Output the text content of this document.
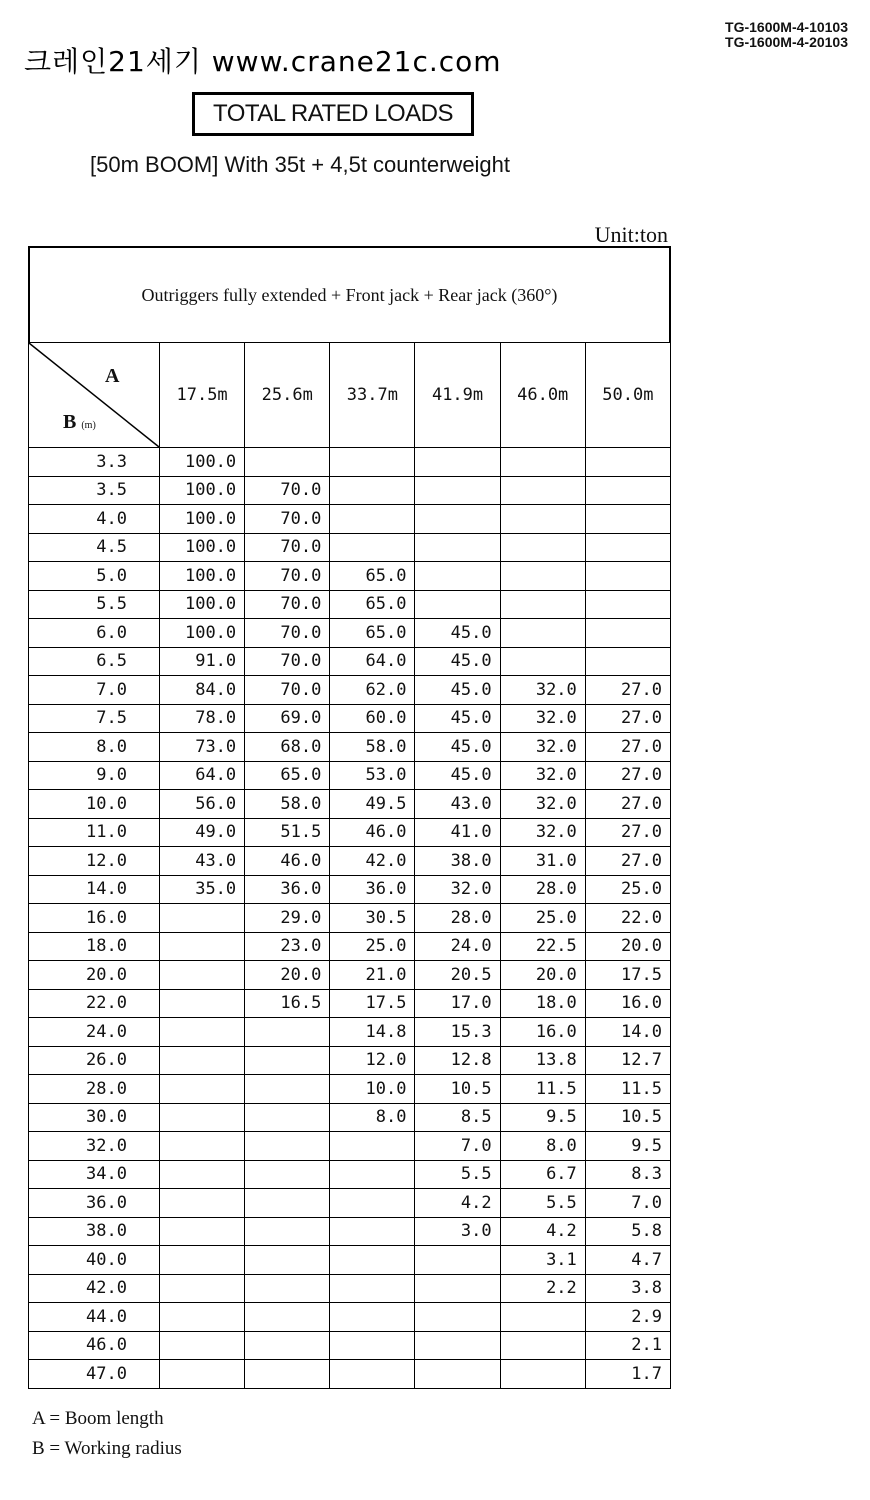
TG-1600M-4-10103
TG-1600M-4-20103
크레인21세기 www.crane21c.com
TOTAL RATED LOADS
[50m BOOM] With 35t + 4,5t counterweight
Unit:ton
Outriggers fully extended + Front jack + Rear jack (360°)
A
B (m)	17.5m	25.6m	33.7m	41.9m	46.0m	50.0m
3.3	100.0					
3.5	100.0	70.0				
4.0	100.0	70.0				
4.5	100.0	70.0				
5.0	100.0	70.0	65.0			
5.5	100.0	70.0	65.0			
6.0	100.0	70.0	65.0	45.0		
6.5	91.0	70.0	64.0	45.0		
7.0	84.0	70.0	62.0	45.0	32.0	27.0
7.5	78.0	69.0	60.0	45.0	32.0	27.0
8.0	73.0	68.0	58.0	45.0	32.0	27.0
9.0	64.0	65.0	53.0	45.0	32.0	27.0
10.0	56.0	58.0	49.5	43.0	32.0	27.0
11.0	49.0	51.5	46.0	41.0	32.0	27.0
12.0	43.0	46.0	42.0	38.0	31.0	27.0
14.0	35.0	36.0	36.0	32.0	28.0	25.0
16.0		29.0	30.5	28.0	25.0	22.0
18.0		23.0	25.0	24.0	22.5	20.0
20.0		20.0	21.0	20.5	20.0	17.5
22.0		16.5	17.5	17.0	18.0	16.0
24.0			14.8	15.3	16.0	14.0
26.0			12.0	12.8	13.8	12.7
28.0			10.0	10.5	11.5	11.5
30.0			8.0	8.5	9.5	10.5
32.0				7.0	8.0	9.5
34.0				5.5	6.7	8.3
36.0				4.2	5.5	7.0
38.0				3.0	4.2	5.8
40.0					3.1	4.7
42.0					2.2	3.8
44.0						2.9
46.0						2.1
47.0						1.7
A = Boom length
B = Working radius
